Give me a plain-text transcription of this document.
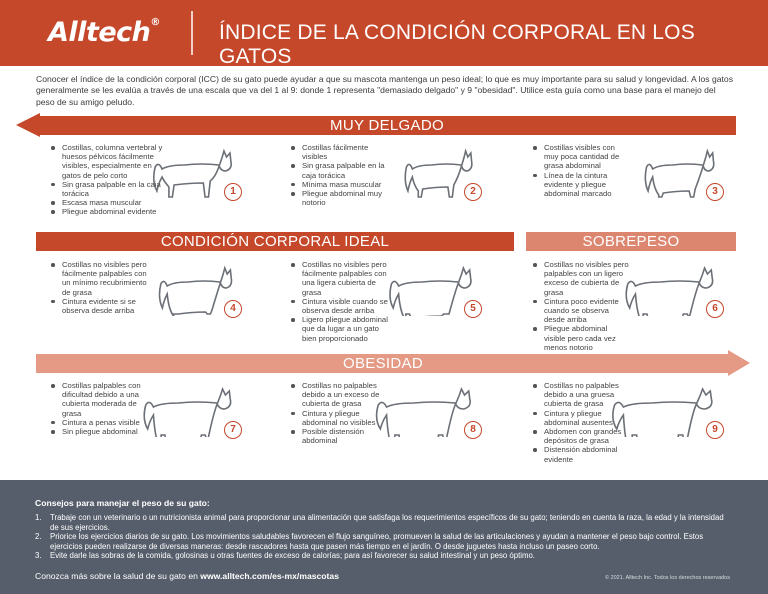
Alltech®	ÍNDICE DE LA CONDICIÓN CORPORAL EN LOS GATOS

Conocer el índice de la condición corporal (ICC) de su gato puede ayudar a que su mascota mantenga un peso ideal; lo que es muy importante para su salud y longevidad. A los gatos generalmente se les evalúa a través de una escala que va del 1 al 9: donde 1 representa "demasiado delgado" y 9 "obesidad". Utilice esta guía como una base para el manejo del peso de su amigo peludo.

MUY DELGADO
CONDICIÓN CORPORAL IDEAL	SOBREPESO
OBESIDAD
Costillas, columna vertebral y huesos pélvicos fácilmente visibles, especialmente en gatos de pelo corto
Sin grasa palpable en la caja torácica
Escasa masa muscular
Pliegue abdominal evidente
1
Costillas fácilmente visibles
Sin grasa palpable en la caja torácica
Mínima masa muscular
Pliegue abdominal muy notorio
2
Costillas visibles con muy poca cantidad de grasa abdominal
Línea de la cintura evidente y pliegue abdominal marcado	3
Costillas no visibles pero fácilmente palpables con un mínimo recubrimiento de grasa
Cintura evidente si se observa desde arriba	4
Costillas no visibles pero fácilmente palpables con una ligera cubierta de grasa
Cintura visible cuando se observa desde arriba
Ligero pliegue abdominal que da lugar a un gato bien proporcionado
5
Costillas no visibles pero palpables con un ligero exceso de cubierta de grasa
Cintura poco evidente cuando se observa desde arriba
Pliegue abdominal visible pero cada vez menos notorio
6
Costillas palpables con dificultad debido a una cubierta moderada de grasa
Cintura a penas visible
Sin pliegue abdominal	7
Costillas no palpables debido a un exceso de cubierta de grasa
Cintura y pliegue abdominal no visibles
Posible distensión abdominal
8
Costillas no palpables debido a una gruesa cubierta de grasa
Cintura y pliegue abdominal ausentes
Abdomen con grandes depósitos de grasa
Distensión abdominal evidente
9
Consejos para manejar el peso de su gato:
1. Trabaje con un veterinario o un nutricionista animal para proporcionar una alimentación que satisfaga los requerimientos específicos de su gato; teniendo en cuenta la raza, la edad y la intensidad de sus ejercicios.
2. Priorice los ejercicios diarios de su gato. Los movimientos saludables favorecen el flujo sanguíneo, promueven la salud de las articulaciones y ayudan a mantener el peso bajo control. Estos ejercicios pueden realizarse de diversas maneras: desde rascadores hasta que pasen más tiempo en el jardín. O desde juguetes hasta incluso un paseo corto.
3. Evite darle las sobras de la comida, golosinas u otras fuentes de exceso de calorías; para así favorecer su salud intestinal y un peso óptimo.
Conozca más sobre la salud de su gato en www.alltech.com/es-mx/mascotas	© 2021. Alltech Inc. Todos los derechos reservados
